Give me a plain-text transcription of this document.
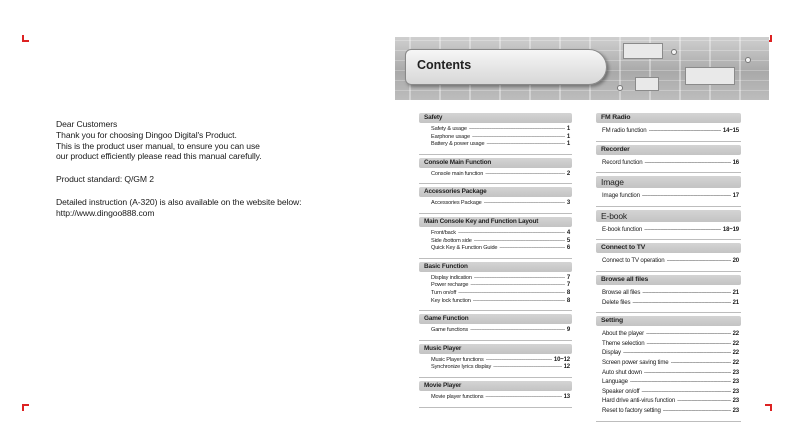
Dear Customers

Thank you for choosing Dingoo Digital's Product.

This is the product user manual, to ensure you can use

our product efficiently please read this manual carefully.

Product standard: Q/GM 2

Detailed instruction (A-320) is also available on the website below:

http://www.dingoo888.com

Contents
Safety
Safety & usage -----	1
Earphone usage -----	1
Battery & power usage -----	1
Console Main Function
Console main function -----	2
Accessories Package
Accessories Package -----	3
Main Console Key and Function Layout
Front/back -----	4
Side /bottom side -----	5
Quick Key & Function Guide -----	6
Basic Function
Display indication -----	7
Power recharge -----	7
Turn on/off -----	8
Key lock function -----	8
Game Function
Game functions -----	9
Music Player
Music Player functions -----	10~12
Synchronize lyrics display -----	12
Movie Player
Movie player functions -----	13
FM Radio
FM radio function -----	14~15
Recorder
Record function -----	16
Image
Image function -----	17
E-book
E-book function -----	18~19
Connect to TV
Connect to TV operation -----	20
Browse all files
Browse all files -----	21
Delete files -----	21
Setting
About the player -----	22
Theme selection -----	22
Display -----	22
Screen power saving time -----	22
Auto shut down -----	23
Language -----	23
Speaker on/off -----	23
Hard drive anti-virus function -----	23
Reset to factory setting -----	23
